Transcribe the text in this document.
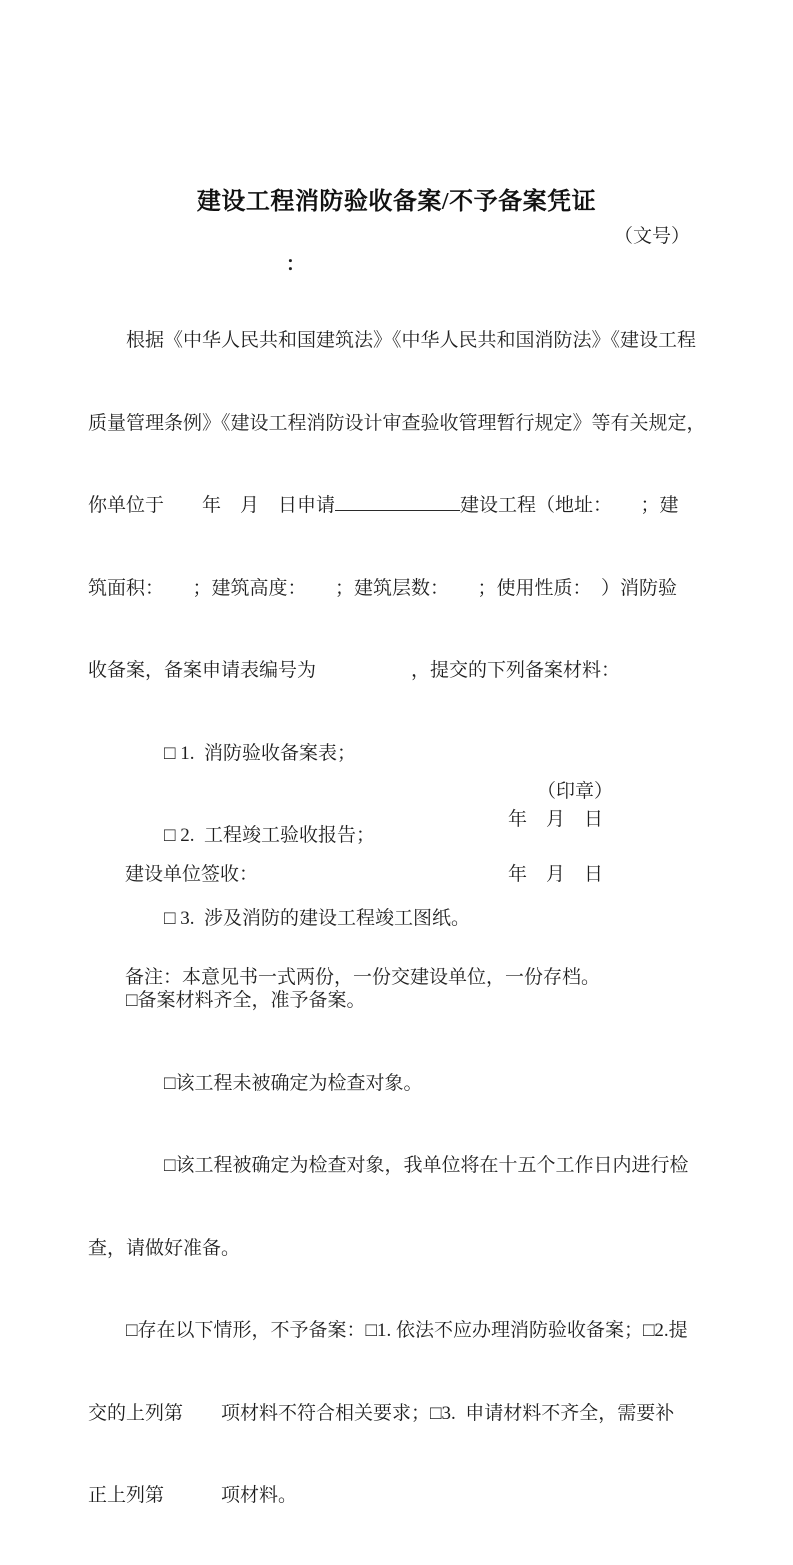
建设工程消防验收备案/不予备案凭证
（文号）
：

　　根据《中华人民共和国建筑法》《中华人民共和国消防法》《建设工程

质量管理条例》《建设工程消防设计审查验收管理暂行规定》等有关规定，

你单位于　　年　月　日申请	建设工程（地址：　　；建

筑面积：　　；建筑高度：　　；建筑层数：　　；使用性质：　）消防验

收备案，备案申请表编号为　　　　　，提交的下列备案材料：

　　　　□ 1.  消防验收备案表；

　　　　□ 2.  工程竣工验收报告；

　　　　□ 3.  涉及消防的建设工程竣工图纸。

　　□备案材料齐全，准予备案。

　　　　□该工程未被确定为检查对象。

　　　　□该工程被确定为检查对象，我单位将在十五个工作日内进行检

查，请做好准备。

　　□存在以下情形，不予备案：□1. 依法不应办理消防验收备案；□2.提

交的上列第　　项材料不符合相关要求；□3.  申请材料不齐全，需要补

正上列第　　　项材料。

（印章）
年　月　日
建设单位签收：	年　月　日
备注：本意见书一式两份，一份交建设单位，一份存档。
